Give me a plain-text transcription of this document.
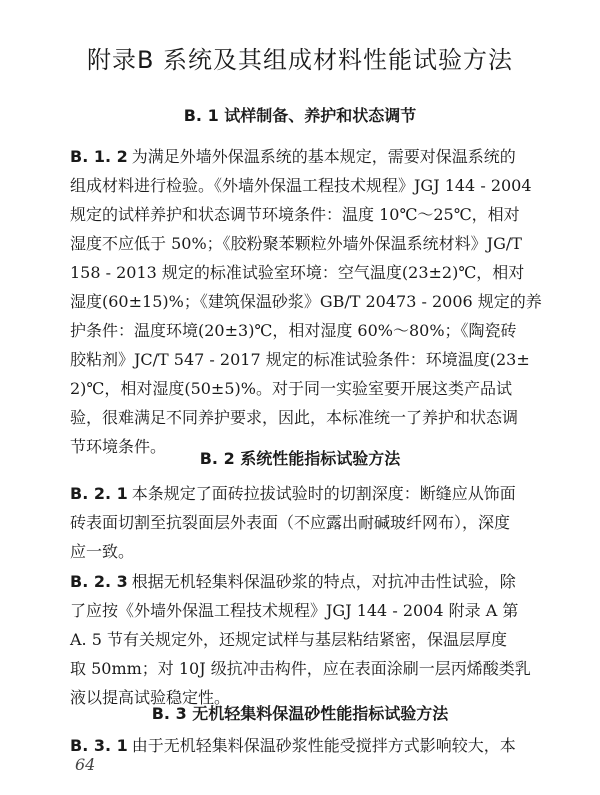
附录B 系统及其组成材料性能试验方法
B. 1 试样制备、养护和状态调节
B. 1. 2 为满足外墙外保温系统的基本规定，需要对保温系统的
组成材料进行检验。《外墙外保温工程技术规程》JGJ 144 - 2004
规定的试样养护和状态调节环境条件：温度 10℃～25℃，相对
湿度不应低于 50%；《胶粉聚苯颗粒外墙外保温系统材料》JG/T
158 - 2013 规定的标准试验室环境：空气温度(23±2)℃，相对
湿度(60±15)%；《建筑保温砂浆》GB/T 20473 - 2006 规定的养
护条件：温度环境(20±3)℃，相对湿度 60%～80%；《陶瓷砖
胶粘剂》JC/T 547 - 2017 规定的标准试验条件：环境温度(23±
2)℃，相对湿度(50±5)%。对于同一实验室要开展这类产品试
验，很难满足不同养护要求，因此，本标准统一了养护和状态调
节环境条件。
B. 2 系统性能指标试验方法
B. 2. 1 本条规定了面砖拉拔试验时的切割深度：断缝应从饰面
砖表面切割至抗裂面层外表面（不应露出耐碱玻纤网布），深度
应一致。
B. 2. 3 根据无机轻集料保温砂浆的特点，对抗冲击性试验，除
了应按《外墙外保温工程技术规程》JGJ 144 - 2004 附录 A 第
A. 5 节有关规定外，还规定试样与基层粘结紧密，保温层厚度
取 50mm；对 10J 级抗冲击构件，应在表面涂刷一层丙烯酸类乳
液以提高试验稳定性。
B. 3 无机轻集料保温砂性能指标试验方法
B. 3. 1 由于无机轻集料保温砂浆性能受搅拌方式影响较大，本
64
